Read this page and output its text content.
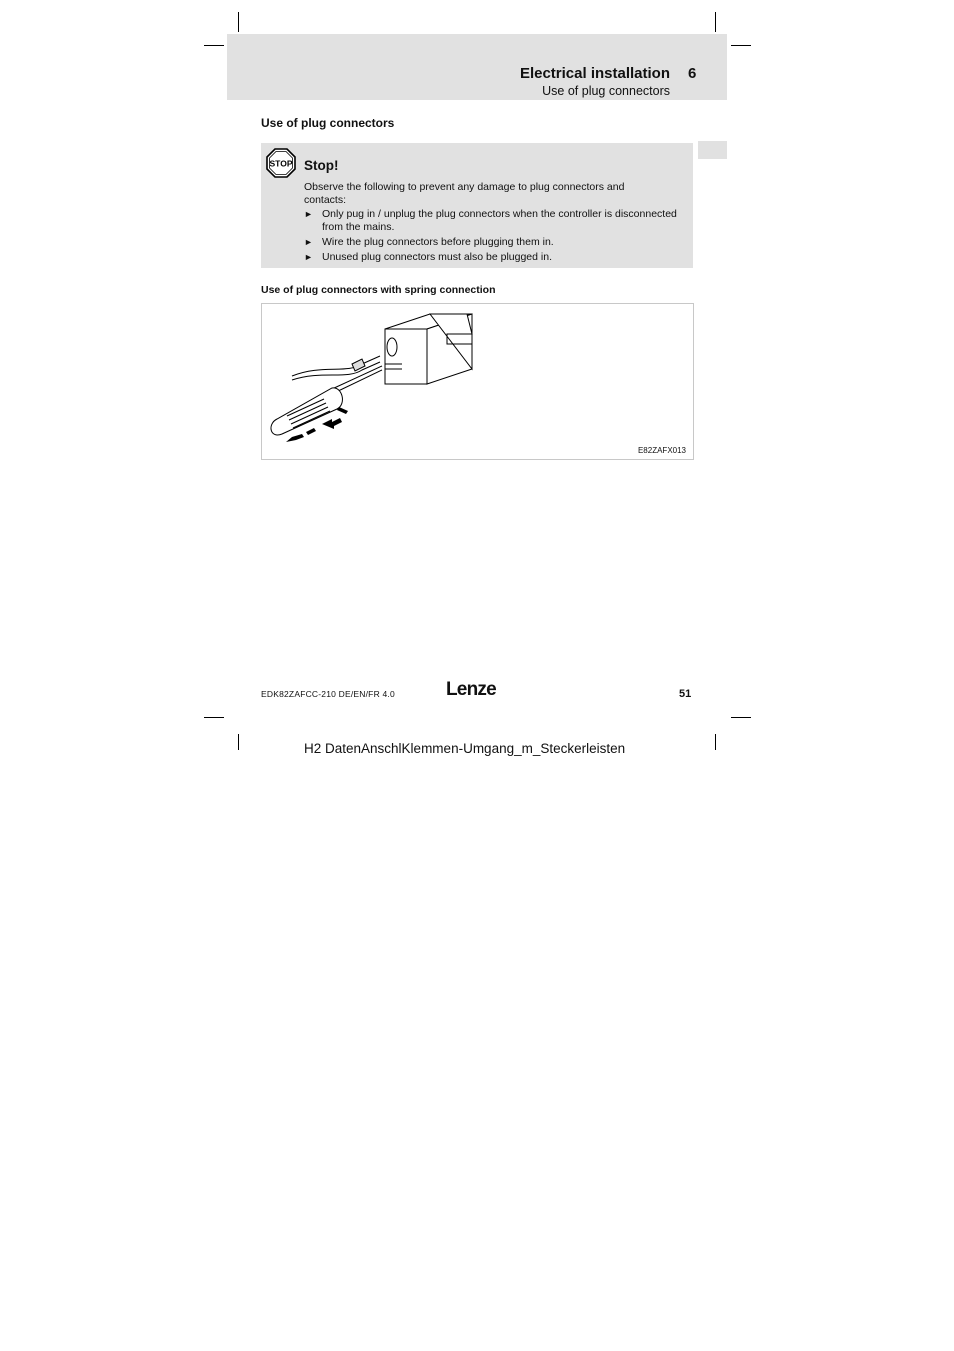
Electrical installation 6
Use of plug connectors
Use of plug connectors
STOP Stop!
Observe the following to prevent any damage to plug connectors and contacts:
► Only pug in / unplug the plug connectors when the controller is disconnected from the mains.
► Wire the plug connectors before plugging them in.
► Unused plug connectors must also be plugged in.
Use of plug connectors with spring connection
E82ZAFX013
EDK82ZAFCC-210 DE/EN/FR 4.0	Lenze	51
H2 DatenAnschlKlemmen-Umgang_m_Steckerleisten
